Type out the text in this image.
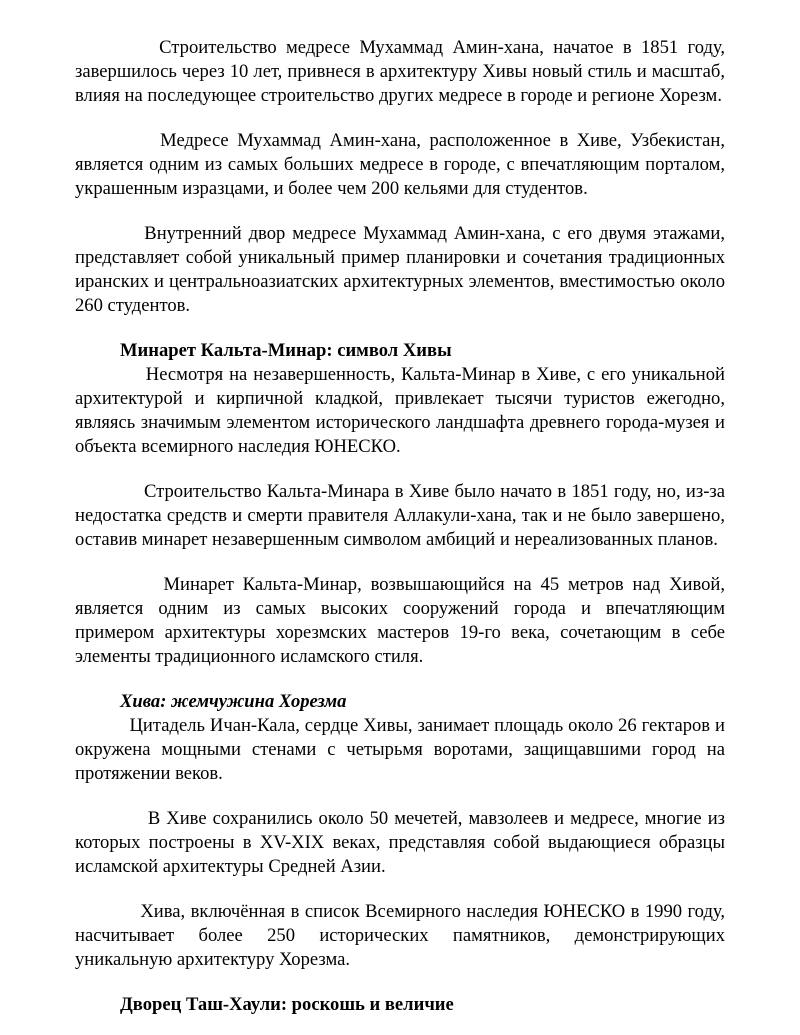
Строительство медресе Мухаммад Амин-хана, начатое в 1851 году, завершилось через 10 лет, привнеся в архитектуру Хивы новый стиль и масштаб, влияя на последующее строительство других медресе в городе и регионе Хорезм.

Медресе Мухаммад Амин-хана, расположенное в Хиве, Узбекистан, является одним из самых больших медресе в городе, с впечатляющим порталом, украшенным изразцами, и более чем 200 кельями для студентов.

Внутренний двор медресе Мухаммад Амин-хана, с его двумя этажами, представляет собой уникальный пример планировки и сочетания традиционных иранских и центральноазиатских архитектурных элементов, вместимостью около 260 студентов.

Минарет Кальта-Минар: символ Хивы

Несмотря на незавершенность, Кальта-Минар в Хиве, с его уникальной архитектурой и кирпичной кладкой, привлекает тысячи туристов ежегодно, являясь значимым элементом исторического ландшафта древнего города-музея и объекта всемирного наследия ЮНЕСКО.

Строительство Кальта-Минара в Хиве было начато в 1851 году, но, из-за недостатка средств и смерти правителя Аллакули-хана, так и не было завершено, оставив минарет незавершенным символом амбиций и нереализованных планов.

Минарет Кальта-Минар, возвышающийся на 45 метров над Хивой, является одним из самых высоких сооружений города и впечатляющим примером архитектуры хорезмских мастеров 19-го века, сочетающим в себе элементы традиционного исламского стиля.

Хива: жемчужина Хорезма

Цитадель Ичан-Кала, сердце Хивы, занимает площадь около 26 гектаров и окружена мощными стенами с четырьмя воротами, защищавшими город на протяжении веков.

В Хиве сохранились около 50 мечетей, мавзолеев и медресе, многие из которых построены в XV-XIX веках, представляя собой выдающиеся образцы исламской архитектуры Средней Азии.

Хива, включённая в список Всемирного наследия ЮНЕСКО в 1990 году, насчитывает более 250 исторических памятников, демонстрирующих уникальную архитектуру Хорезма.

Дворец Таш-Хаули: роскошь и величие
